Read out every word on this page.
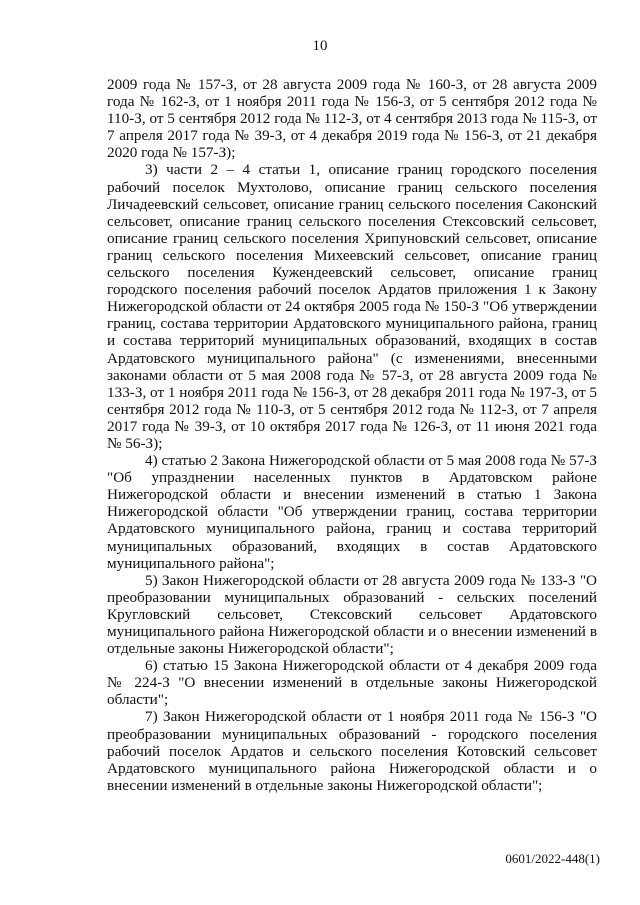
10

2009 года № 157-З, от 28 августа 2009 года № 160-З, от 28 августа 2009 года № 162-З, от 1 ноября 2011 года № 156-З, от 5 сентября 2012 года № 110-З, от 5 сентября 2012 года № 112-З, от 4 сентября 2013 года № 115-З, от 7 апреля 2017 года № 39-З, от 4 декабря 2019 года № 156-З, от 21 декабря 2020 года № 157-З);

3) части 2 – 4 статьи 1, описание границ городского поселения рабочий поселок Мухтолово, описание границ сельского поселения Личадеевский сельсовет, описание границ сельского поселения Саконский сельсовет, описание границ сельского поселения Стексовский сельсовет, описание границ сельского поселения Хрипуновский сельсовет, описание границ сельского поселения Михеевский сельсовет, описание границ сельского поселения Кужендеевский сельсовет, описание границ городского поселения рабочий поселок Ардатов приложения 1 к Закону Нижегородской области от 24 октября 2005 года № 150-З "Об утверждении границ, состава территории Ардатовского муниципального района, границ и состава территорий муниципальных образований, входящих в состав Ардатовского муниципального района" (с изменениями, внесенными законами области от 5 мая 2008 года № 57-З, от 28 августа 2009 года № 133-З, от 1 ноября 2011 года № 156-З, от 28 декабря 2011 года № 197-З, от 5 сентября 2012 года № 110-З, от 5 сентября 2012 года № 112-З, от 7 апреля 2017 года № 39-З, от 10 октября 2017 года № 126-З, от 11 июня 2021 года № 56-З);

4) статью 2 Закона Нижегородской области от 5 мая 2008 года № 57-З "Об упразднении населенных пунктов в Ардатовском районе Нижегородской области и внесении изменений в статью 1 Закона Нижегородской области "Об утверждении границ, состава территории Ардатовского муниципального района, границ и состава территорий муниципальных образований, входящих в состав Ардатовского муниципального района";

5) Закон Нижегородской области от 28 августа 2009 года № 133-З "О преобразовании муниципальных образований - сельских поселений Кругловский сельсовет, Стексовский сельсовет Ардатовского муниципального района Нижегородской области и о внесении изменений в отдельные законы Нижегородской области";

6) статью 15 Закона Нижегородской области от 4 декабря 2009 года № 224-З "О внесении изменений в отдельные законы Нижегородской области";

7) Закон Нижегородской области от 1 ноября 2011 года № 156-З "О преобразовании муниципальных образований - городского поселения рабочий поселок Ардатов и сельского поселения Котовский сельсовет Ардатовского муниципального района Нижегородской области и о внесении изменений в отдельные законы Нижегородской области";

0601/2022-448(1)
